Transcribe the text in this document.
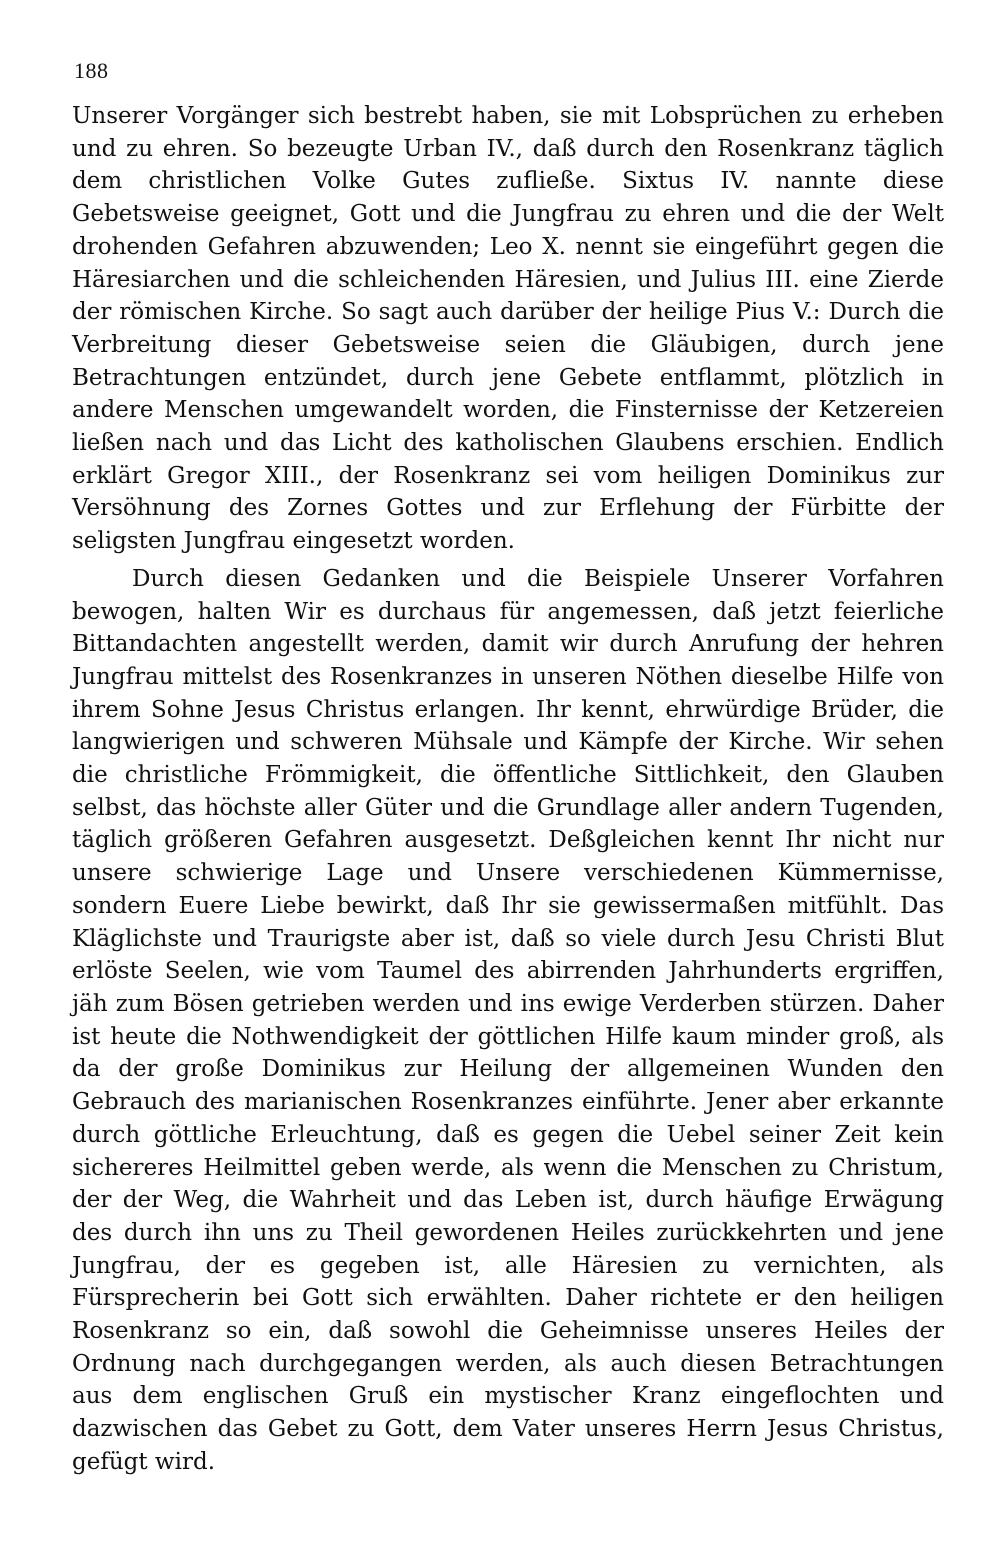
188

Unserer Vorgänger sich bestrebt haben, sie mit Lobsprüchen zu erheben und zu ehren. So bezeugte Urban IV., daß durch den Rosenkranz täglich dem christlichen Volke Gutes zufließe. Sixtus IV. nannte diese Gebetsweise geeignet, Gott und die Jungfrau zu ehren und die der Welt drohenden Gefahren abzuwenden; Leo X. nennt sie eingeführt gegen die Häresiarchen und die schleichenden Häresien, und Julius III. eine Zierde der römischen Kirche. So sagt auch darüber der heilige Pius V.: Durch die Verbreitung dieser Gebetsweise seien die Gläubigen, durch jene Betrachtungen entzündet, durch jene Gebete entflammt, plötzlich in andere Menschen umgewandelt worden, die Finsternisse der Ketzereien ließen nach und das Licht des katholischen Glaubens erschien. Endlich erklärt Gregor XIII., der Rosenkranz sei vom heiligen Dominikus zur Versöhnung des Zornes Gottes und zur Erflehung der Fürbitte der seligsten Jungfrau eingesetzt worden.

Durch diesen Gedanken und die Beispiele Unserer Vorfahren bewogen, halten Wir es durchaus für angemessen, daß jetzt feierliche Bittandachten angestellt werden, damit wir durch Anrufung der hehren Jungfrau mittelst des Rosenkranzes in unseren Nöthen dieselbe Hilfe von ihrem Sohne Jesus Christus erlangen. Ihr kennt, ehrwürdige Brüder, die langwierigen und schweren Mühsale und Kämpfe der Kirche. Wir sehen die christliche Frömmigkeit, die öffentliche Sittlichkeit, den Glauben selbst, das höchste aller Güter und die Grundlage aller andern Tugenden, täglich größeren Gefahren ausgesetzt. Deßgleichen kennt Ihr nicht nur unsere schwierige Lage und Unsere verschiedenen Kümmernisse, sondern Euere Liebe bewirkt, daß Ihr sie gewissermaßen mitfühlt. Das Kläglichste und Traurigste aber ist, daß so viele durch Jesu Christi Blut erlöste Seelen, wie vom Taumel des abirrenden Jahrhunderts ergriffen, jäh zum Bösen getrieben werden und ins ewige Verderben stürzen. Daher ist heute die Nothwendigkeit der göttlichen Hilfe kaum minder groß, als da der große Dominikus zur Heilung der allgemeinen Wunden den Gebrauch des marianischen Rosenkranzes einführte. Jener aber erkannte durch göttliche Erleuchtung, daß es gegen die Uebel seiner Zeit kein sichereres Heilmittel geben werde, als wenn die Menschen zu Christum, der der Weg, die Wahrheit und das Leben ist, durch häufige Erwägung des durch ihn uns zu Theil gewordenen Heiles zurückkehrten und jene Jungfrau, der es gegeben ist, alle Häresien zu vernichten, als Fürsprecherin bei Gott sich erwählten. Daher richtete er den heiligen Rosenkranz so ein, daß sowohl die Geheimnisse unseres Heiles der Ordnung nach durchgegangen werden, als auch diesen Betrachtungen aus dem englischen Gruß ein mystischer Kranz eingeflochten und dazwischen das Gebet zu Gott, dem Vater unseres Herrn Jesus Christus, gefügt wird.
